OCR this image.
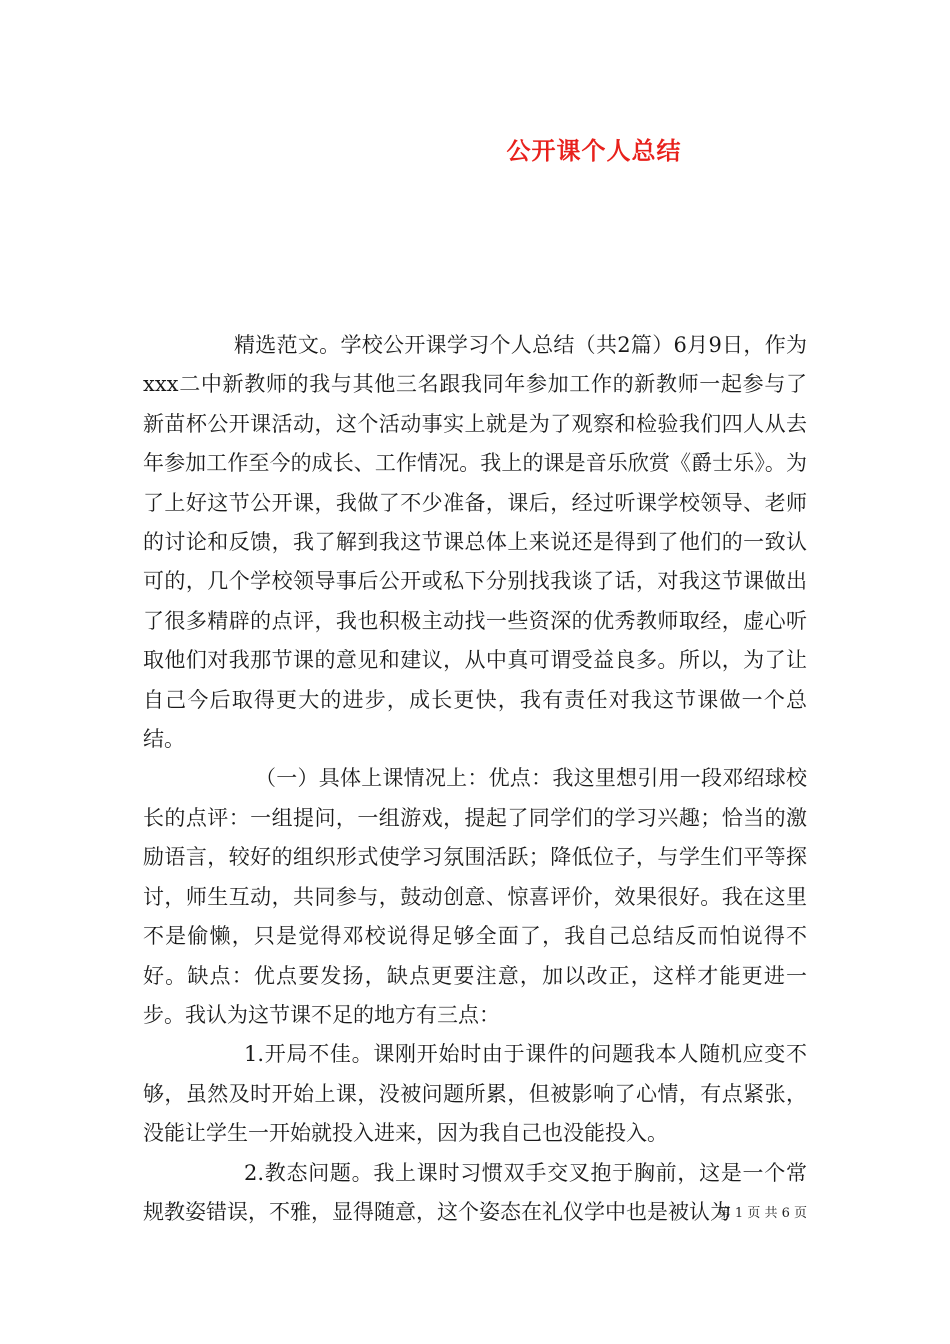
公开课个人总结

精选范文。学校公开课学习个人总结（共2篇）6月9日，作为xxx二中新教师的我与其他三名跟我同年参加工作的新教师一起参与了新苗杯公开课活动，这个活动事实上就是为了观察和检验我们四人从去年参加工作至今的成长、工作情况。我上的课是音乐欣赏《爵士乐》。为了上好这节公开课，我做了不少准备，课后，经过听课学校领导、老师的讨论和反馈，我了解到我这节课总体上来说还是得到了他们的一致认可的，几个学校领导事后公开或私下分别找我谈了话，对我这节课做出了很多精辟的点评，我也积极主动找一些资深的优秀教师取经，虚心听取他们对我那节课的意见和建议，从中真可谓受益良多。所以，为了让自己今后取得更大的进步，成长更快，我有责任对我这节课做一个总结。

（一）具体上课情况上：优点：我这里想引用一段邓绍球校长的点评：一组提问，一组游戏，提起了同学们的学习兴趣；恰当的激励语言，较好的组织形式使学习氛围活跃；降低位子，与学生们平等探讨，师生互动，共同参与，鼓动创意、惊喜评价，效果很好。我在这里不是偷懒，只是觉得邓校说得足够全面了，我自己总结反而怕说得不好。缺点：优点要发扬，缺点更要注意，加以改正，这样才能更进一步。我认为这节课不足的地方有三点：

1.开局不佳。课刚开始时由于课件的问题我本人随机应变不够，虽然及时开始上课，没被问题所累，但被影响了心情，有点紧张，没能让学生一开始就投入进来，因为我自己也没能投入。

2.教态问题。我上课时习惯双手交叉抱于胸前，这是一个常规教姿错误，不雅，显得随意，这个姿态在礼仪学中也是被认为

第 1 页 共 6 页
